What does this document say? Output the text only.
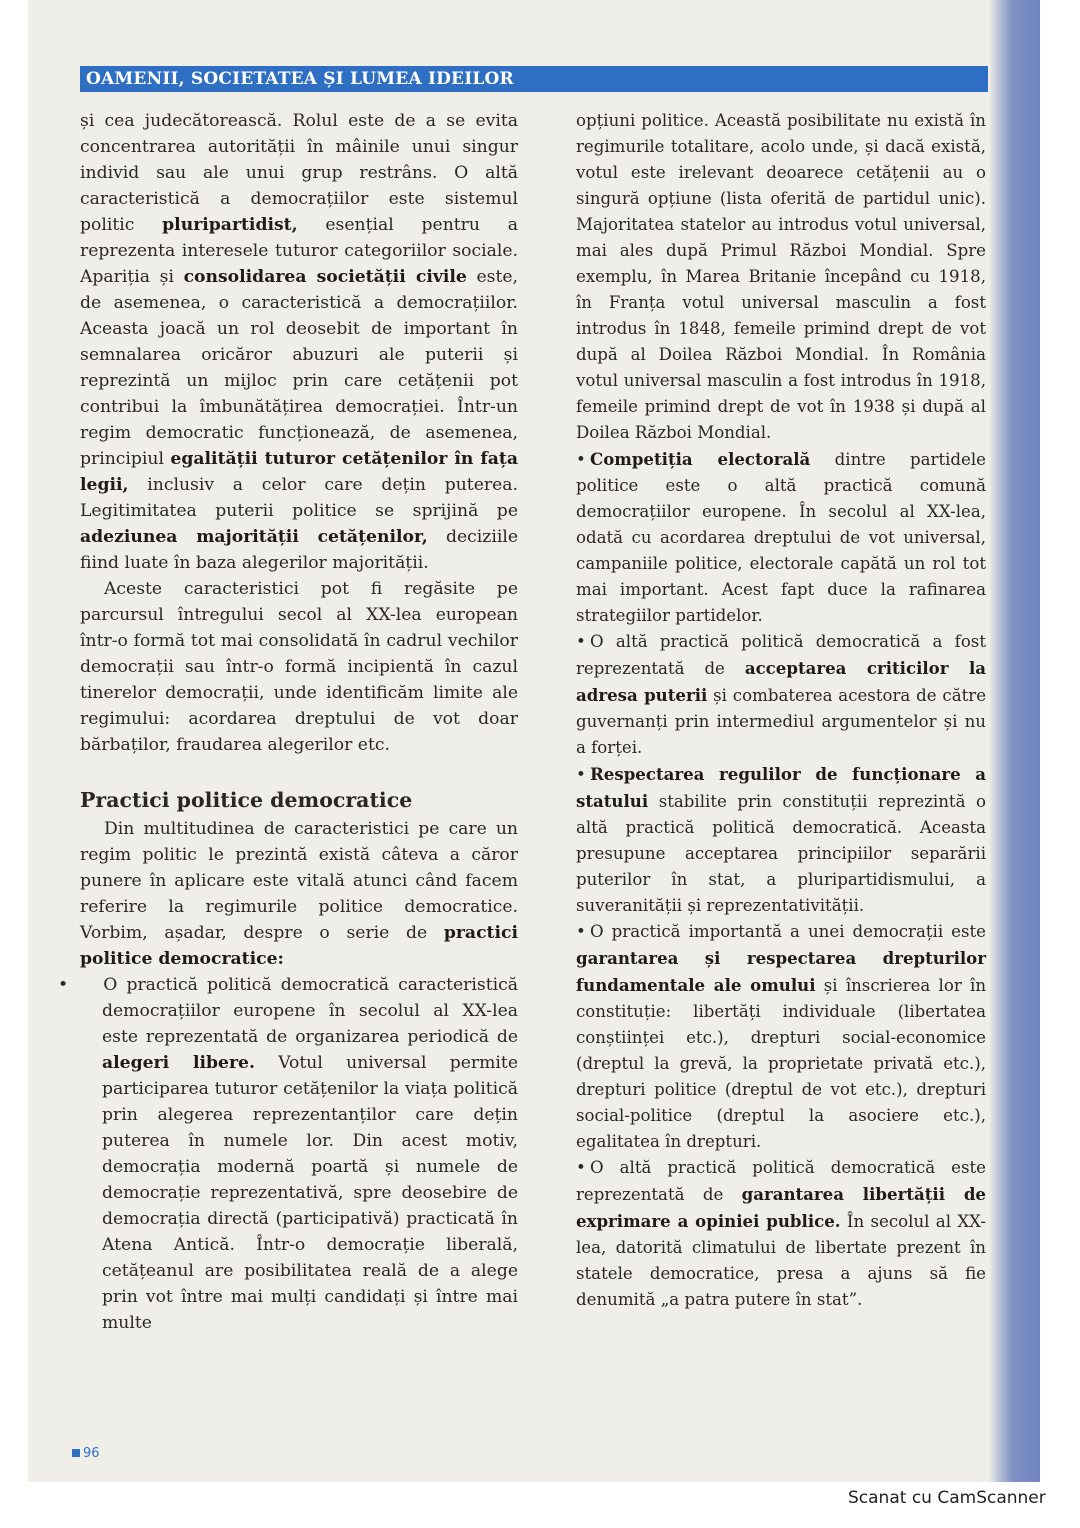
OAMENII, SOCIETATEA ȘI LUMEA IDEILOR

și cea judecătorească. Rolul este de a se evita concentrarea autorității în mâinile unui singur individ sau ale unui grup restrâns. O altă caracteristică a democrațiilor este sistemul politic pluripartidist, esențial pentru a reprezenta interesele tuturor categoriilor sociale. Apariția și consolidarea societății civile este, de asemenea, o caracteristică a democrațiilor. Aceasta joacă un rol deosebit de important în semnalarea oricăror abuzuri ale puterii și reprezintă un mijloc prin care cetățenii pot contribui la îmbunătățirea democrației. Într-un regim democratic funcționează, de asemenea, principiul egalității tuturor cetățenilor în fața legii, inclusiv a celor care dețin puterea. Legitimitatea puterii politice se sprijină pe adeziunea majorității cetățenilor, deciziile fiind luate în baza alegerilor majorității.

Aceste caracteristici pot fi regăsite pe parcursul întregului secol al XX-lea european într-o formă tot mai consolidată în cadrul vechilor democrații sau într-o formă incipientă în cazul tinerelor democrații, unde identificăm limite ale regimului: acordarea dreptului de vot doar bărbaților, fraudarea alegerilor etc.

Practici politice democratice

Din multitudinea de caracteristici pe care un regim politic le prezintă există câteva a căror punere în aplicare este vitală atunci când facem referire la regimurile politice democratice. Vorbim, așadar, despre o serie de practici politice democratice:

• O practică politică democratică caracteristică democrațiilor europene în secolul al XX-lea este reprezentată de organizarea periodică de alegeri libere. Votul universal permite participarea tuturor cetățenilor la viața politică prin alegerea reprezentanților care dețin puterea în numele lor. Din acest motiv, democrația modernă poartă și numele de democrație reprezentativă, spre deosebire de democrația directă (participativă) practicată în Atena Antică. Într-o democrație liberală, cetățeanul are posibilitatea reală de a alege prin vot între mai mulți candidați și între mai multe

opțiuni politice. Această posibilitate nu există în regimurile totalitare, acolo unde, și dacă există, votul este irelevant deoarece cetățenii au o singură opțiune (lista oferită de partidul unic). Majoritatea statelor au introdus votul universal, mai ales după Primul Război Mondial. Spre exemplu, în Marea Britanie începând cu 1918, în Franța votul universal masculin a fost introdus în 1848, femeile primind drept de vot după al Doilea Război Mondial. În România votul universal masculin a fost introdus în 1918, femeile primind drept de vot în 1938 și după al Doilea Război Mondial.

• Competiția electorală dintre partidele politice este o altă practică comună democrațiilor europene. În secolul al XX-lea, odată cu acordarea dreptului de vot universal, campaniile politice, electorale capătă un rol tot mai important. Acest fapt duce la rafinarea strategiilor partidelor.

• O altă practică politică democratică a fost reprezentată de acceptarea criticilor la adresa puterii și combaterea acestora de către guvernanți prin intermediul argumentelor și nu a forței.

• Respectarea regulilor de funcționare a statului stabilite prin constituții reprezintă o altă practică politică democratică. Aceasta presupune acceptarea principiilor separării puterilor în stat, a pluripartidismului, a suveranității și reprezentativității.

• O practică importantă a unei democrații este garantarea și respectarea drepturilor fundamentale ale omului și înscrierea lor în constituție: libertăți individuale (libertatea conștiinței etc.), drepturi social-economice (dreptul la grevă, la proprietate privată etc.), drepturi politice (dreptul de vot etc.), drepturi social-politice (dreptul la asociere etc.), egalitatea în drepturi.

• O altă practică politică democratică este reprezentată de garantarea libertății de exprimare a opiniei publice. În secolul al XX-lea, datorită climatului de libertate prezent în statele democratice, presa a ajuns să fie denumită „a patra putere în stat”.

96
Scanat cu CamScanner
